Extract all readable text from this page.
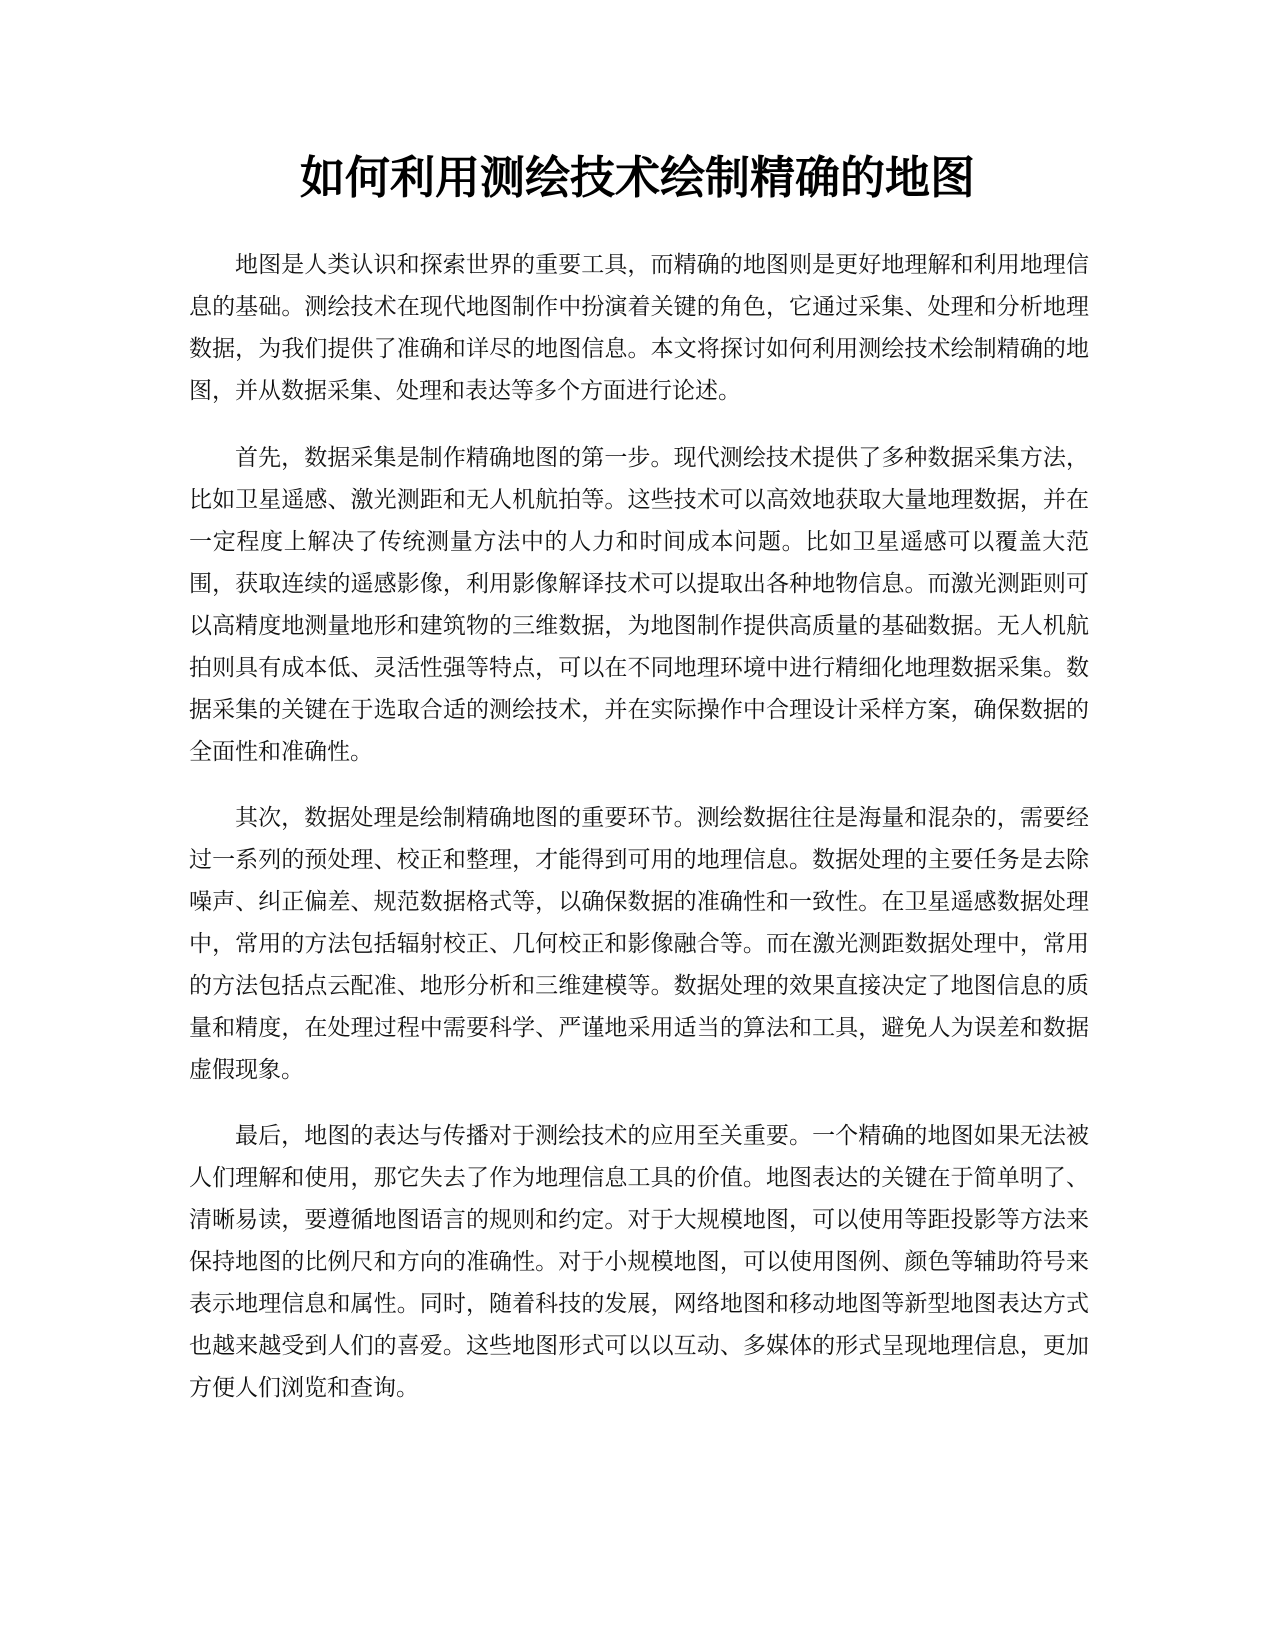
如何利用测绘技术绘制精确的地图

地图是人类认识和探索世界的重要工具，而精确的地图则是更好地理解和利用地理信息的基础。测绘技术在现代地图制作中扮演着关键的角色，它通过采集、处理和分析地理数据，为我们提供了准确和详尽的地图信息。本文将探讨如何利用测绘技术绘制精确的地图，并从数据采集、处理和表达等多个方面进行论述。

首先，数据采集是制作精确地图的第一步。现代测绘技术提供了多种数据采集方法，比如卫星遥感、激光测距和无人机航拍等。这些技术可以高效地获取大量地理数据，并在一定程度上解决了传统测量方法中的人力和时间成本问题。比如卫星遥感可以覆盖大范围，获取连续的遥感影像，利用影像解译技术可以提取出各种地物信息。而激光测距则可以高精度地测量地形和建筑物的三维数据，为地图制作提供高质量的基础数据。无人机航拍则具有成本低、灵活性强等特点，可以在不同地理环境中进行精细化地理数据采集。数据采集的关键在于选取合适的测绘技术，并在实际操作中合理设计采样方案，确保数据的全面性和准确性。

其次，数据处理是绘制精确地图的重要环节。测绘数据往往是海量和混杂的，需要经过一系列的预处理、校正和整理，才能得到可用的地理信息。数据处理的主要任务是去除噪声、纠正偏差、规范数据格式等，以确保数据的准确性和一致性。在卫星遥感数据处理中，常用的方法包括辐射校正、几何校正和影像融合等。而在激光测距数据处理中，常用的方法包括点云配准、地形分析和三维建模等。数据处理的效果直接决定了地图信息的质量和精度，在处理过程中需要科学、严谨地采用适当的算法和工具，避免人为误差和数据虚假现象。

最后，地图的表达与传播对于测绘技术的应用至关重要。一个精确的地图如果无法被人们理解和使用，那它失去了作为地理信息工具的价值。地图表达的关键在于简单明了、清晰易读，要遵循地图语言的规则和约定。对于大规模地图，可以使用等距投影等方法来保持地图的比例尺和方向的准确性。对于小规模地图，可以使用图例、颜色等辅助符号来表示地理信息和属性。同时，随着科技的发展，网络地图和移动地图等新型地图表达方式也越来越受到人们的喜爱。这些地图形式可以以互动、多媒体的形式呈现地理信息，更加方便人们浏览和查询。
